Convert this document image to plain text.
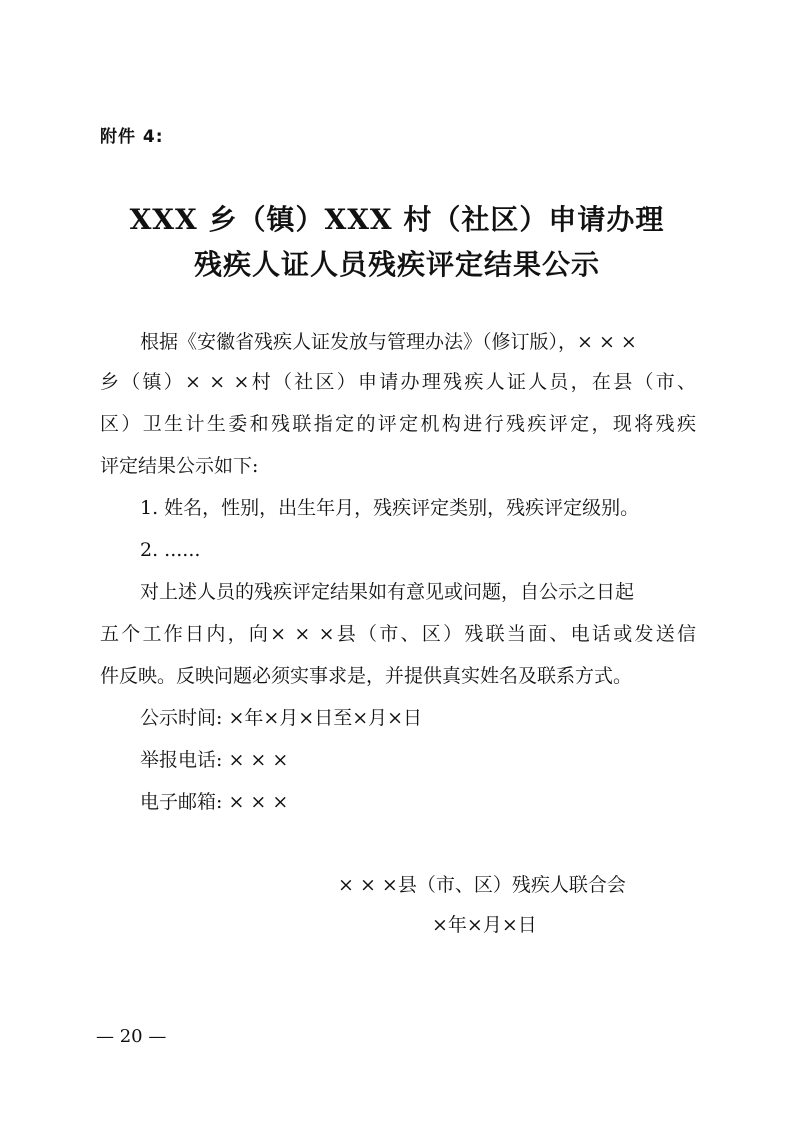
附件 4:
XXX 乡（镇）XXX 村（社区）申请办理
残疾人证人员残疾评定结果公示
根据《安徽省残疾人证发放与管理办法》（修订版），× × ×
乡（镇）× × ×村（社区）申请办理残疾人证人员，在县（市、
区）卫生计生委和残联指定的评定机构进行残疾评定，现将残疾
评定结果公示如下:
1. 姓名，性别，出生年月，残疾评定类别，残疾评定级别。
2. ......
对上述人员的残疾评定结果如有意见或问题，自公示之日起
五个工作日内，向× × ×县（市、区）残联当面、电话或发送信
件反映。反映问题必须实事求是，并提供真实姓名及联系方式。
公示时间: ×年×月×日至×月×日
举报电话: × × ×
电子邮箱: × × ×
× × ×县（市、区）残疾人联合会
×年×月×日
— 20 —
